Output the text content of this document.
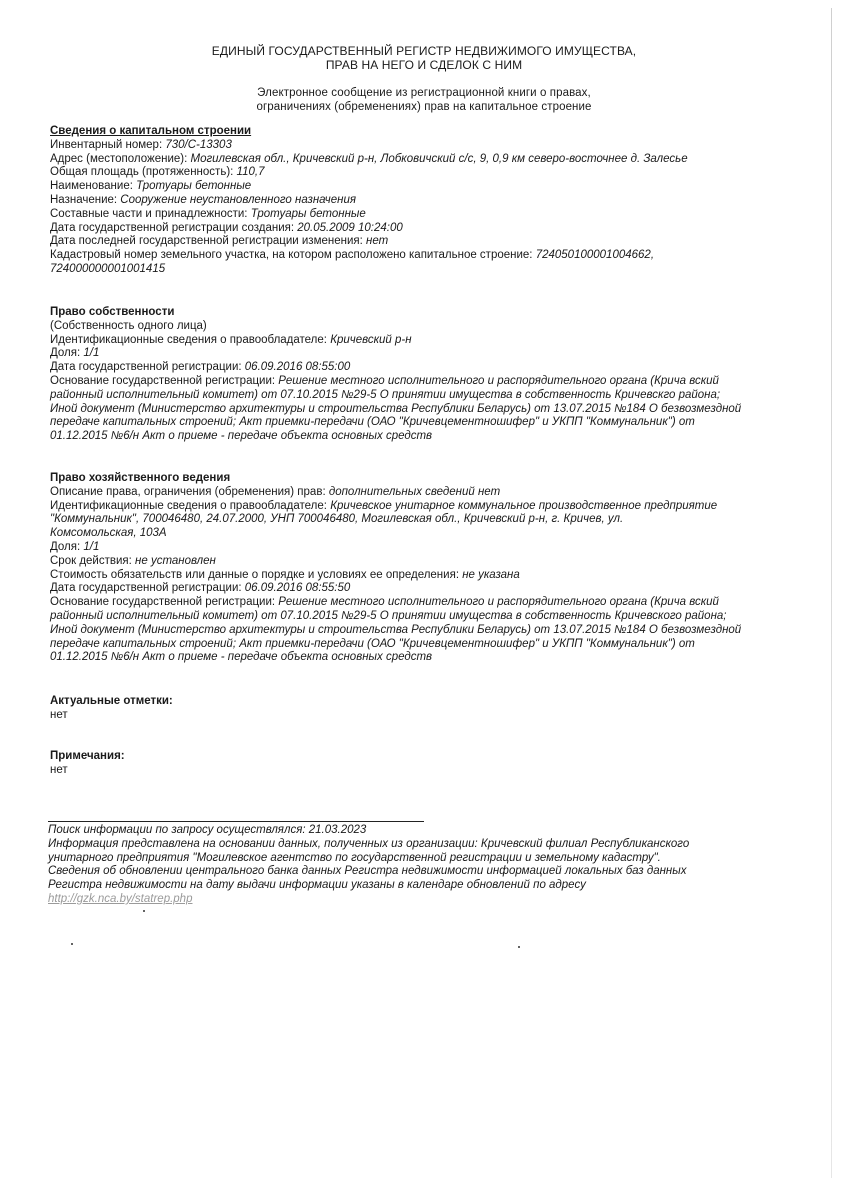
ЕДИНЫЙ ГОСУДАРСТВЕННЫЙ РЕГИСТР НЕДВИЖИМОГО ИМУЩЕСТВА,
ПРАВ НА НЕГО И СДЕЛОК С НИМ
Электронное сообщение из регистрационной книги о правах,
ограничениях (обременениях) прав на капитальное строение
Сведения о капитальном строении
Инвентарный номер: 730/С-13303
Адрес (местоположение): Могилевская обл., Кричевский р-н, Лобковичский с/с, 9, 0,9 км северо-восточнее д. Залесье
Общая площадь (протяженность): 110,7
Наименование: Тротуары бетонные
Назначение: Сооружение неустановленного назначения
Составные части и принадлежности: Тротуары бетонные
Дата государственной регистрации создания: 20.05.2009 10:24:00
Дата последней государственной регистрации изменения: нет
Кадастровый номер земельного участка, на котором расположено капитальное строение: 724050100001004662,
724000000001001415
Право собственности
(Собственность одного лица)
Идентификационные сведения о правообладателе: Кричевский р-н
Доля: 1/1
Дата государственной регистрации: 06.09.2016 08:55:00
Основание государственной регистрации: Решение местного исполнительного и распорядительного органа (Крича вский
районный исполнительный комитет) от 07.10.2015 №29-5 О принятии имущества в собственность Кричевскго района;
Иной документ (Министерство архитектуры и строительства Республики Беларусь) от 13.07.2015 №184 О безвозмездной
передаче капитальных строений; Акт приемки-передачи (ОАО "Кричевцементношифер" и УКПП "Коммунальник") от
01.12.2015 №6/н Акт о приеме - передаче объекта основных средств
Право хозяйственного ведения
Описание права, ограничения (обременения) прав: дополнительных сведений нет
Идентификационные сведения о правообладателе: Кричевское унитарное коммунальное производственное предприятие
"Коммунальник", 700046480, 24.07.2000, УНП 700046480, Могилевская обл., Кричевский р-н, г. Кричев, ул.
Комсомольская, 103А
Доля: 1/1
Срок действия: не установлен
Стоимость обязательств или данные о порядке и условиях ее определения: не указана
Дата государственной регистрации: 06.09.2016 08:55:50
Основание государственной регистрации: Решение местного исполнительного и распорядительного органа (Крича вский
районный исполнительный комитет) от 07.10.2015 №29-5 О принятии имущества в собственность Кричевского района;
Иной документ (Министерство архитектуры и строительства Республики Беларусь) от 13.07.2015 №184 О безвозмездной
передаче капитальных строений; Акт приемки-передачи (ОАО "Кричевцементношифер" и УКПП "Коммунальник") от
01.12.2015 №6/н Акт о приеме - передаче объекта основных средств
Актуальные отметки:
нет
Примечания:
нет
Поиск информации по запросу осуществлялся: 21.03.2023
Информация представлена на основании данных, полученных из организации: Кричевский филиал Республиканского
унитарного предприятия "Могилевское агентство по государственной регистрации и земельному кадастру".
Сведения об обновлении центрального банка данных Регистра недвижимости информацией локальных баз данных
Регистра недвижимости на дату выдачи информации указаны в календаре обновлений по адресу
http://gzk.nca.by/statrep.php
